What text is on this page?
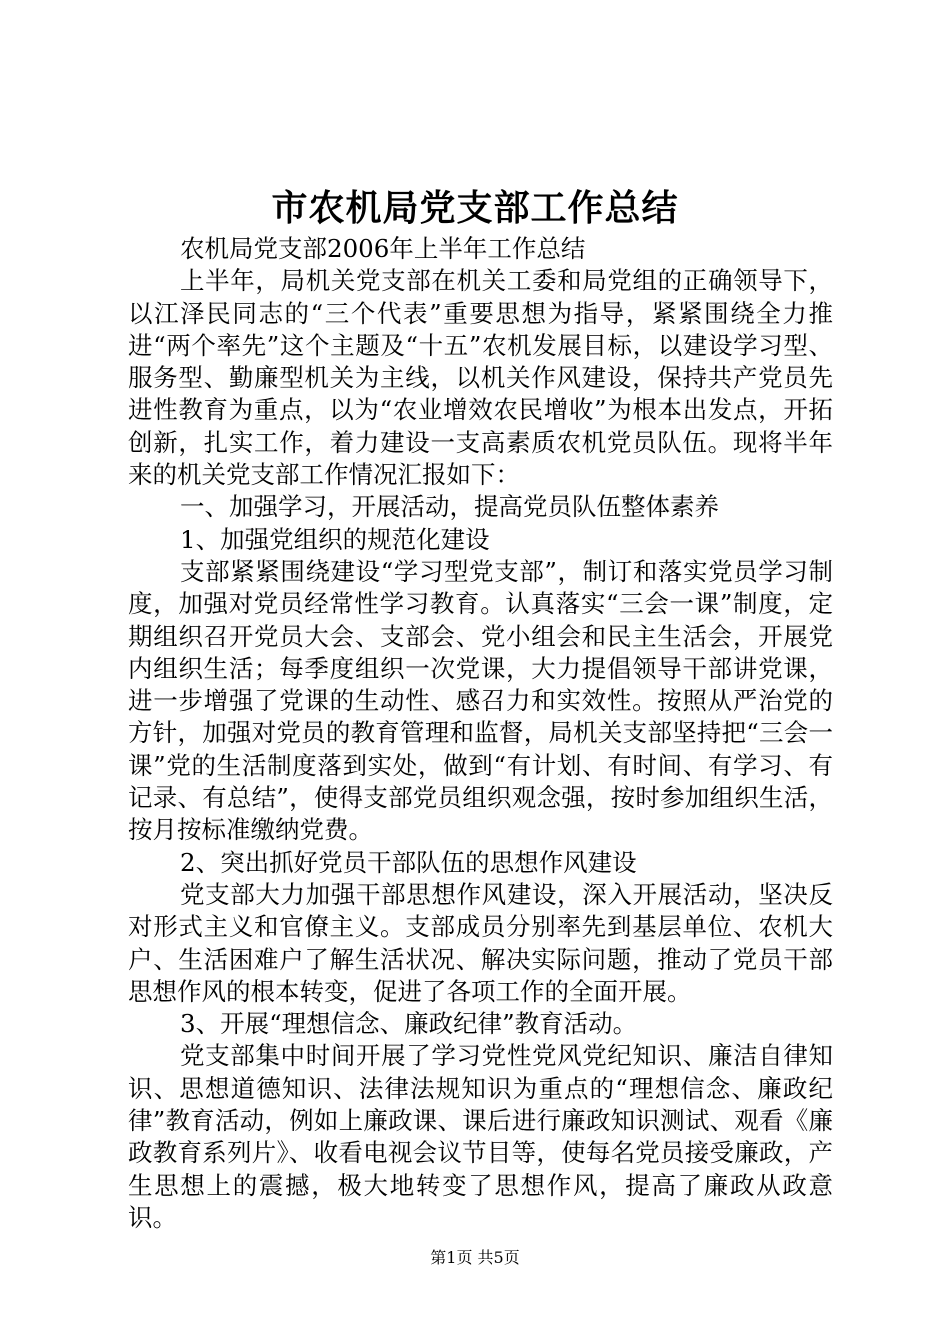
市农机局党支部工作总结

农机局党支部2006年上半年工作总结

上半年，局机关党支部在机关工委和局党组的正确领导下，以江泽民同志的“三个代表”重要思想为指导，紧紧围绕全力推进“两个率先”这个主题及“十五”农机发展目标，以建设学习型、服务型、勤廉型机关为主线，以机关作风建设，保持共产党员先进性教育为重点，以为“农业增效农民增收”为根本出发点，开拓创新，扎实工作，着力建设一支高素质农机党员队伍。现将半年来的机关党支部工作情况汇报如下：

一、加强学习，开展活动，提高党员队伍整体素养

1、加强党组织的规范化建设

支部紧紧围绕建设“学习型党支部”，制订和落实党员学习制度，加强对党员经常性学习教育。认真落实“三会一课”制度，定期组织召开党员大会、支部会、党小组会和民主生活会，开展党内组织生活；每季度组织一次党课，大力提倡领导干部讲党课，进一步增强了党课的生动性、感召力和实效性。按照从严治党的方针，加强对党员的教育管理和监督，局机关支部坚持把“三会一课”党的生活制度落到实处，做到“有计划、有时间、有学习、有记录、有总结”，使得支部党员组织观念强，按时参加组织生活，按月按标准缴纳党费。

2、突出抓好党员干部队伍的思想作风建设

党支部大力加强干部思想作风建设，深入开展活动，坚决反对形式主义和官僚主义。支部成员分别率先到基层单位、农机大户、生活困难户了解生活状况、解决实际问题，推动了党员干部思想作风的根本转变，促进了各项工作的全面开展。

3、开展“理想信念、廉政纪律”教育活动。

党支部集中时间开展了学习党性党风党纪知识、廉洁自律知识、思想道德知识、法律法规知识为重点的“理想信念、廉政纪律”教育活动，例如上廉政课、课后进行廉政知识测试、观看《廉政教育系列片》、收看电视会议节目等，使每名党员接受廉政，产生思想上的震撼，极大地转变了思想作风，提高了廉政从政意识。

第1页 共5页
